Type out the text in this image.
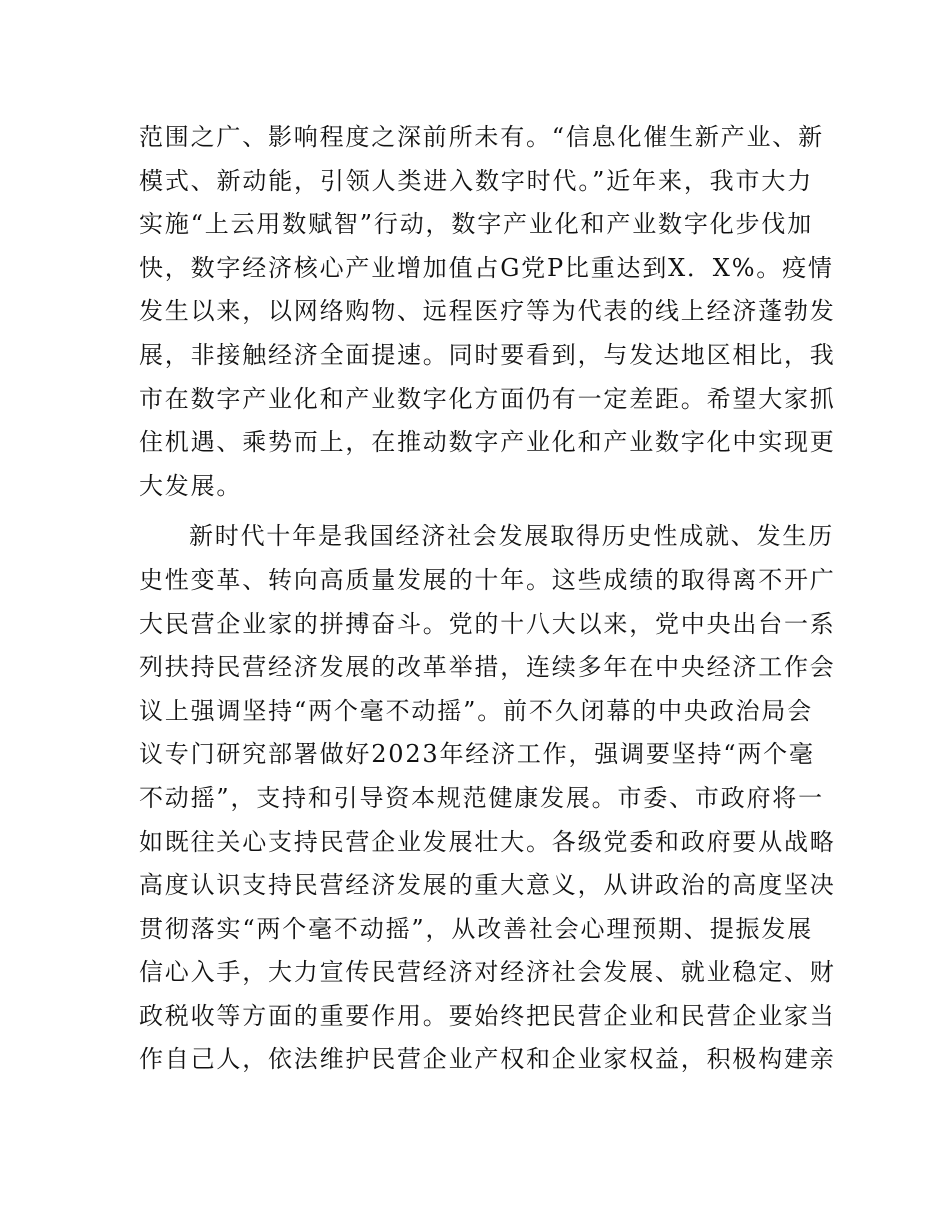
范围之广、影响程度之深前所未有。“信息化催生新产业、新
模式、新动能，引领人类进入数字时代。”近年来，我市大力
实施“上云用数赋智”行动，数字产业化和产业数字化步伐加
快，数字经济核心产业增加值占G党P比重达到X．X%。疫情
发生以来，以网络购物、远程医疗等为代表的线上经济蓬勃发
展，非接触经济全面提速。同时要看到，与发达地区相比，我
市在数字产业化和产业数字化方面仍有一定差距。希望大家抓
住机遇、乘势而上，在推动数字产业化和产业数字化中实现更
大发展。

新时代十年是我国经济社会发展取得历史性成就、发生历
史性变革、转向高质量发展的十年。这些成绩的取得离不开广
大民营企业家的拼搏奋斗。党的十八大以来，党中央出台一系
列扶持民营经济发展的改革举措，连续多年在中央经济工作会
议上强调坚持“两个毫不动摇”。前不久闭幕的中央政治局会
议专门研究部署做好2023年经济工作，强调要坚持“两个毫
不动摇”，支持和引导资本规范健康发展。市委、市政府将一
如既往关心支持民营企业发展壮大。各级党委和政府要从战略
高度认识支持民营经济发展的重大意义，从讲政治的高度坚决
贯彻落实“两个毫不动摇”，从改善社会心理预期、提振发展
信心入手，大力宣传民营经济对经济社会发展、就业稳定、财
政税收等方面的重要作用。要始终把民营企业和民营企业家当
作自己人，依法维护民营企业产权和企业家权益，积极构建亲
